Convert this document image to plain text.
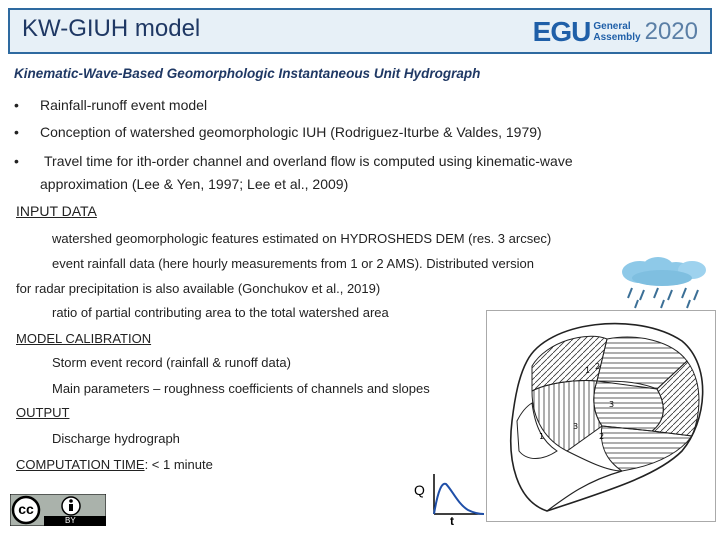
KW-GIUH model	EGU General
Assembly 2020
Kinematic-Wave-Based Geomorphologic Instantaneous Unit Hydrograph
• Rainfall-runoff event model
• Conception of watershed geomorphologic IUH (Rodriguez-Iturbe & Valdes, 1979)
• Travel time for ith-order channel and overland flow is computed using kinematic-wave
approximation (Lee & Yen, 1997; Lee et al., 2009)
INPUT DATA
watershed geomorphologic features estimated on HYDROSHEDS DEM (res. 3 arcsec)
event rainfall data (here hourly measurements from 1 or 2 AMS). Distributed version
for radar precipitation is also available (Gonchukov et al., 2019)
ratio of partial contributing area to the total watershed area
MODEL CALIBRATION
Storm event record (rainfall & runoff data)
Main parameters – roughness coefficients of channels and slopes
OUTPUT
Discharge hydrograph
COMPUTATION TIME: < 1 minute
1 2
3
3
1	2
Q
t
cc
BY
